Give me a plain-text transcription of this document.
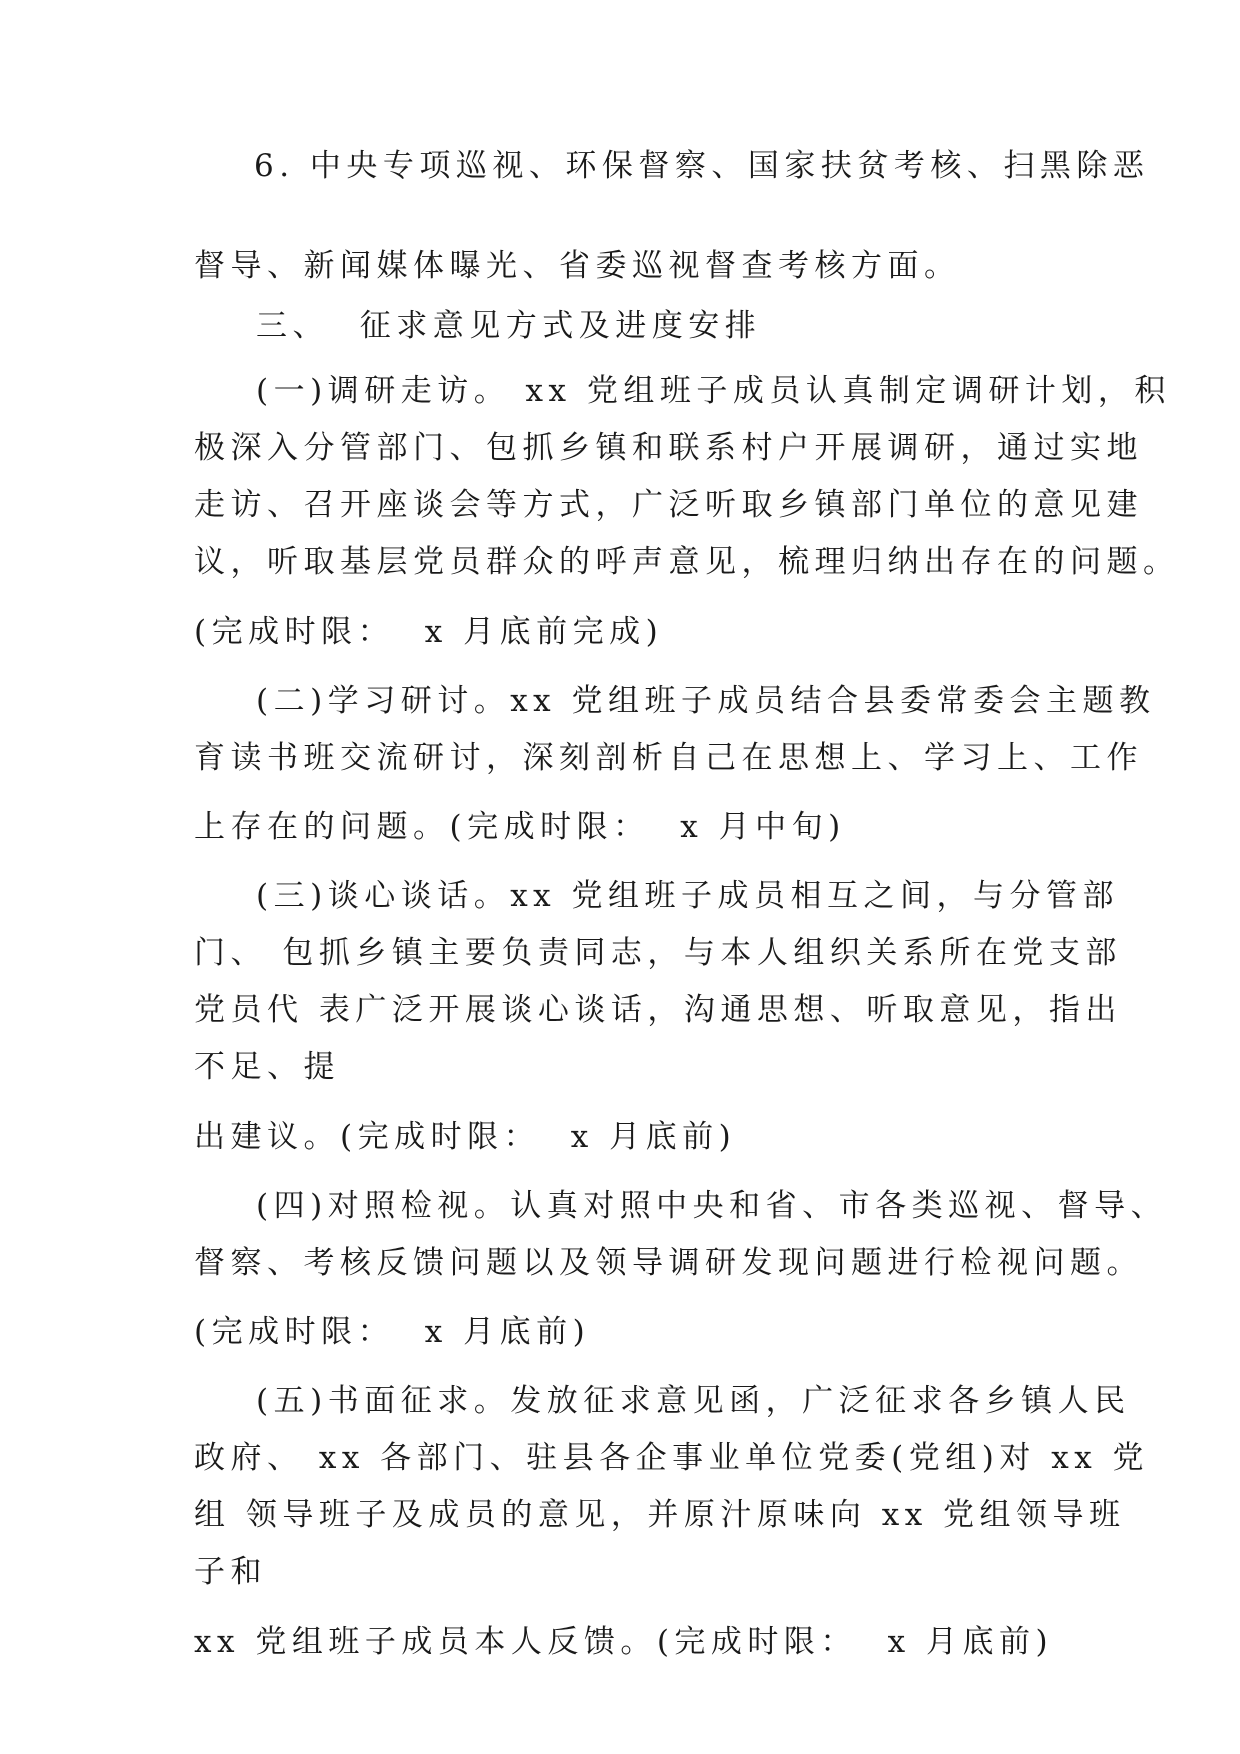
6. 中央专项巡视、环保督察、国家扶贫考核、扫黑除恶
督导、新闻媒体曝光、省委巡视督查考核方面。
三、  征求意见方式及进度安排
(一)调研走访。 xx 党组班子成员认真制定调研计划，积
极深入分管部门、包抓乡镇和联系村户开展调研，通过实地
走访、召开座谈会等方式，广泛听取乡镇部门单位的意见建
议，听取基层党员群众的呼声意见，梳理归纳出存在的问题。
(完成时限：  x 月底前完成)
(二)学习研讨。xx 党组班子成员结合县委常委会主题教
育读书班交流研讨，深刻剖析自己在思想上、学习上、工作
上存在的问题。(完成时限：  x 月中旬)
(三)谈心谈话。xx 党组班子成员相互之间，与分管部
门、 包抓乡镇主要负责同志，与本人组织关系所在党支部
党员代 表广泛开展谈心谈话，沟通思想、听取意见，指出
不足、提
出建议。(完成时限：  x 月底前)
(四)对照检视。认真对照中央和省、市各类巡视、督导、
督察、考核反馈问题以及领导调研发现问题进行检视问题。
(完成时限：  x 月底前)
(五)书面征求。发放征求意见函，广泛征求各乡镇人民
政府、 xx 各部门、驻县各企事业单位党委(党组)对 xx 党
组 领导班子及成员的意见，并原汁原味向 xx 党组领导班
子和
xx 党组班子成员本人反馈。(完成时限：  x 月底前)
